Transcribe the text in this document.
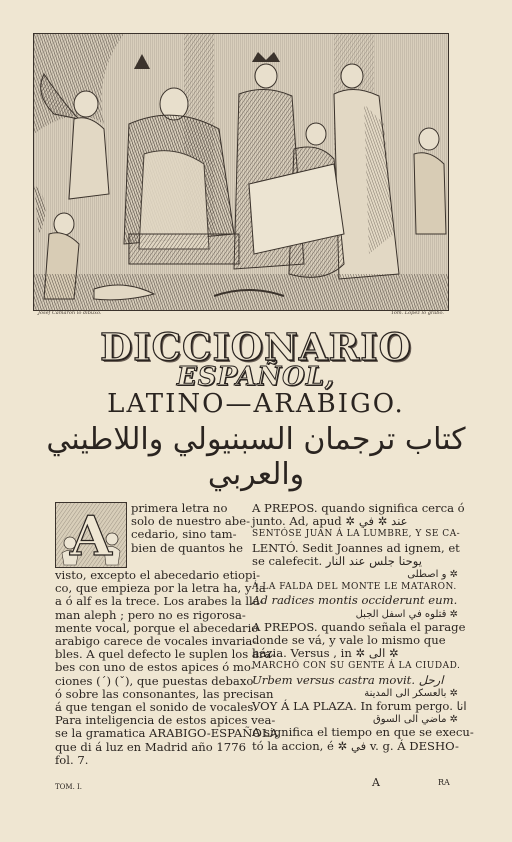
Josef Camarón lo dibuxó.	Tom. Lopez lo grabó.
DICCIONARIO
ESPAÑOL,
LATINO—ARABIGO.
كتاب ترجمان السبنيولي واللاطيني والعربي
A	primera letra no
solo de nuestro abe-
cedario, sino tam-
bien de quantos he
visto, excepto el abecedario etiopi-
co, que empieza por la letra ha, y la
a ó alf es la trece. Los arabes la lla-
man aleph ; pero no es rigorosa-
mente vocal, porque el abecedario
arabigo carece de vocales invaria-
bles. A quel defecto le suplen los ara-
bes con uno de estos apices ó mo-
ciones (´) (ˇ), que puestas debaxo
ó sobre las consonantes, las precisan
á que tengan el sonido de vocales.
Para inteligencia de estos apices vea-
se la gramatica ARABIGO-ESPAÑOLA
que di á luz en Madrid año 1776
fol. 7.
A PREPOS. quando significa cerca ó
junto. Ad, apud ✲ عند ✲ في
SENTÓSE JUAN Á LA LUMBRE, Y SE CA-
LENTÓ. Sedit Joannes ad ignem, et
se calefecit. يوحنا جلس عند النار
و اصطلى ✲
Á LA FALDA DEL MONTE LE MATARON.
Ad radices montis occiderunt eum.
قتلوه في اسفل الجبل ✲
A PREPOS. quando señala el parage
donde se vá, y vale lo mismo que
házia. Versus , in ✲ الى ✲
MARCHÓ CON SU GENTE Á LA CIUDAD.
Urbem versus castra movit. ارحل
بالعسكر الى المدينة ✲
VOY Á LA PLAZA. In forum pergo. انا
ماضي الى السوق ✲
A significa el tiempo en que se execu-
tó la accion, é ✲ في v. g. Á DESHO-
TOM. I.	A	RA
